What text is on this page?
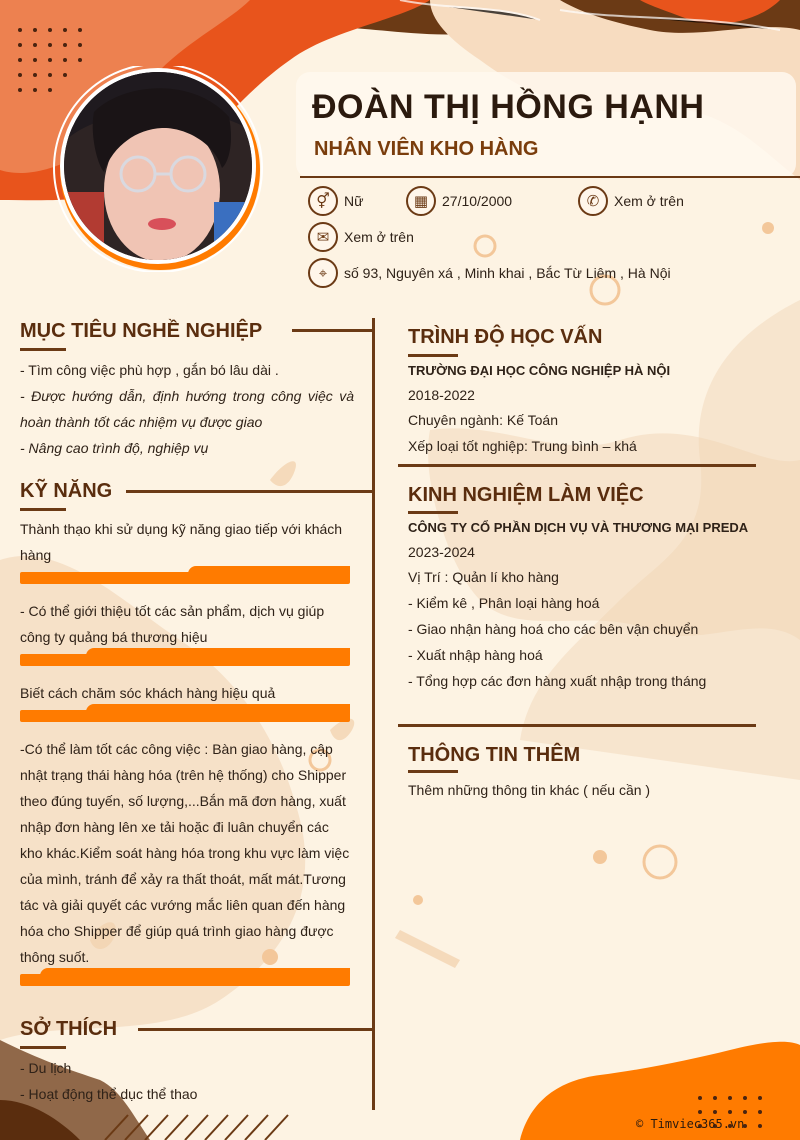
ĐOÀN THỊ HỒNG HẠNH
NHÂN VIÊN KHO HÀNG
⚥	Nữ	▦ 27/10/2000	✆	Xem ở trên
✉	Xem ở trên
⌖	số 93, Nguyên xá , Minh khai , Bắc Từ Liêm , Hà Nội
MỤC TIÊU NGHỀ NGHIỆP
- Tìm công việc phù hợp , gắn bó lâu dài .
- Được hướng dẫn, định hướng trong công việc và hoàn thành tốt các nhiệm vụ được giao
- Nâng cao trình độ, nghiệp vụ
KỸ NĂNG
Thành thạo khi sử dụng kỹ năng giao tiếp với khách hàng
- Có thể giới thiệu tốt các sản phẩm, dịch vụ giúp công ty quảng bá thương hiệu
Biết cách chăm sóc khách hàng hiệu quả
-Có thể làm tốt các công việc : Bàn giao hàng, cập nhật trạng thái hàng hóa (trên hệ thống) cho Shipper theo đúng tuyến, số lượng,...Bắn mã đơn hàng, xuất nhập đơn hàng lên xe tải hoặc đi luân chuyển các kho khác.Kiểm soát hàng hóa trong khu vực làm việc của mình, tránh để xảy ra thất thoát, mất mát.Tương tác và giải quyết các vướng mắc liên quan đến hàng hóa cho Shipper để giúp quá trình giao hàng được thông suốt.
SỞ THÍCH
- Du lịch
- Hoạt động thể dục thể thao
TRÌNH ĐỘ HỌC VẤN
TRƯỜNG ĐẠI HỌC CÔNG NGHIỆP HÀ NỘI
2018-2022
Chuyên ngành: Kế Toán
Xếp loại tốt nghiệp: Trung bình – khá
KINH NGHIỆM LÀM VIỆC
CÔNG TY CỔ PHẦN DỊCH VỤ VÀ THƯƠNG MẠI PREDA
2023-2024
Vị Trí : Quản lí kho hàng
- Kiểm kê , Phân loại hàng hoá
- Giao nhận hàng hoá cho các bên vận chuyển
- Xuất nhập hàng hoá
- Tổng hợp các đơn hàng xuất nhập trong tháng
THÔNG TIN THÊM
Thêm những thông tin khác ( nếu cần )
© Timviec365.vn
